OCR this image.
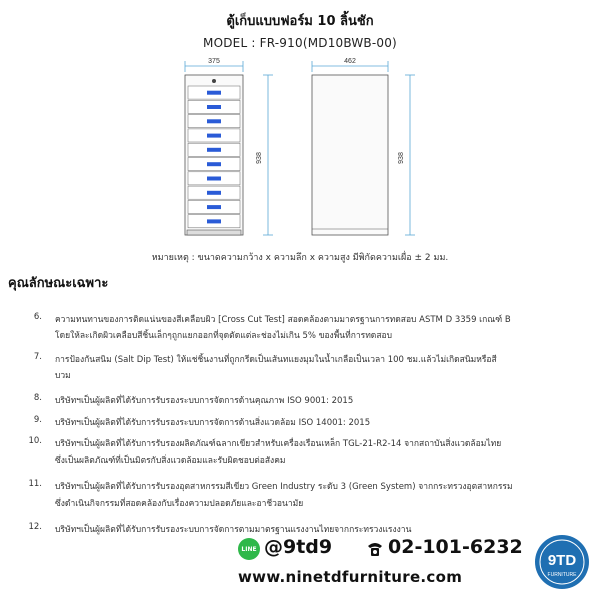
ตู้เก็บแบบฟอร์ม 10 ลิ้นชัก
MODEL : FR-910(MD10BWB-00)
375
938
462
938
หมายเหตุ : ขนาดความกว้าง x ความลึก x ความสูง มีพิกัดความเผื่อ ± 2 มม.
คุณลักษณะเฉพาะ
6. ความทนทานของการติดแน่นของสีเคลือบผิว [Cross Cut Test] สอดคล้องตามมาตรฐานการทดสอบ ASTM D 3359 เกณฑ์ B
โดยให้ละเกิดผิวเคลือบสีชิ้นเล็กๆถูกแยกออกที่จุดตัดแต่ละช่องไม่เกิน 5% ของพื้นที่การทดสอบ
7. การป้องกันสนิม (Salt Dip Test) ให้แช่ชิ้นงานที่ถูกกรีดเป็นเส้นทแยงมุมในน้ำเกลือเป็นเวลา 100 ชม.แล้วไม่เกิดสนิมหรือสี
บวม
8. บริษัทฯเป็นผู้ผลิตที่ได้รับการรับรองระบบการจัดการด้านคุณภาพ ISO 9001: 2015
9. บริษัทฯเป็นผู้ผลิตที่ได้รับการรับรองระบบการจัดการด้านสิ่งแวดล้อม ISO 14001: 2015
10. บริษัทฯเป็นผู้ผลิตที่ได้รับการรับรองผลิตภัณฑ์ฉลากเขียวสำหรับเครื่องเรือนเหล็ก TGL-21-R2-14 จากสถาบันสิ่งแวดล้อมไทย
ซึ่งเป็นผลิตภัณฑ์ที่เป็นมิตรกับสิ่งแวดล้อมและรับผิดชอบต่อสังคม
11. บริษัทฯเป็นผู้ผลิตที่ได้รับการรับรองอุตสาหกรรมสีเขียว Green Industry ระดับ 3 (Green System) จากกระทรวงอุตสาหกรรม
ซึ่งดำเนินกิจกรรมที่สอดคล้องกับเรื่องความปลอดภัยและอาชีวอนามัย
12. บริษัทฯเป็นผู้ผลิตที่ได้รับการรับรองระบบการจัดการตามมาตรฐานแรงงานไทยจากกระทรวงแรงงาน
LINE @9td9	02-101-6232
www.ninetdfurniture.com
9TD
FURNITURE
